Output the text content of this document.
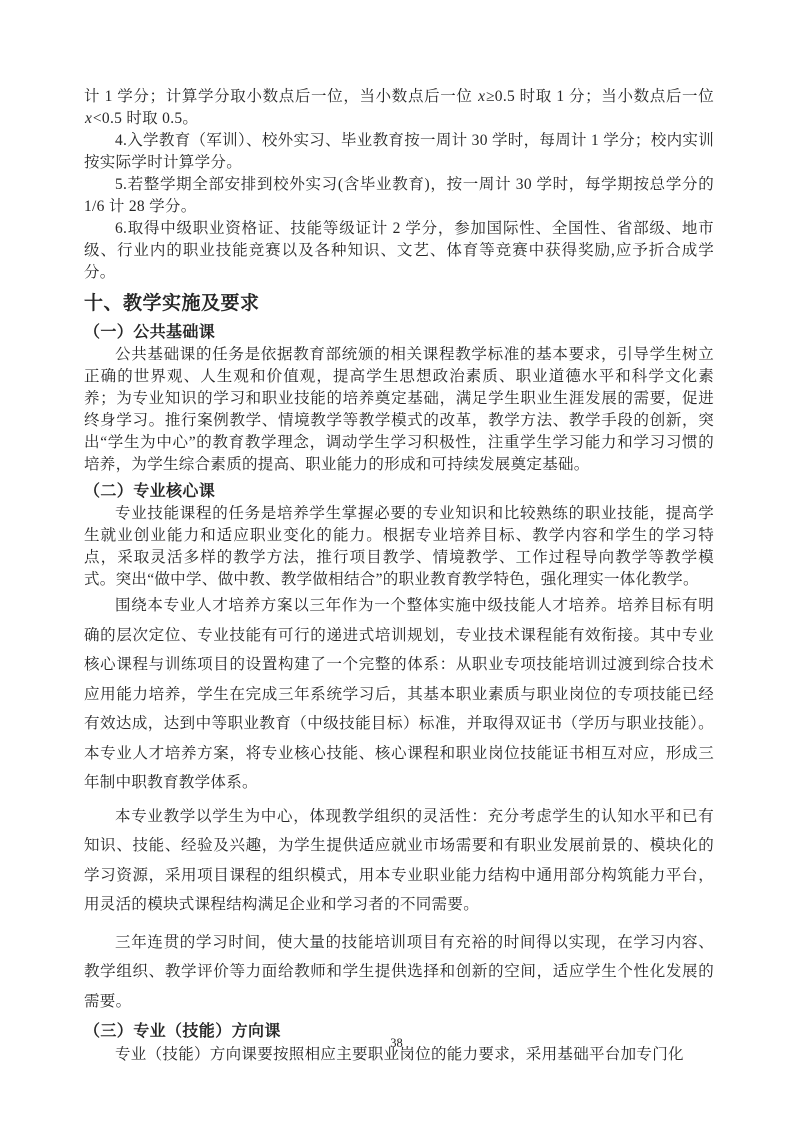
计 1 学分；计算学分取小数点后一位，当小数点后一位 x≥0.5 时取 1 分；当小数点后一位 x<0.5 时取 0.5。

4.入学教育（军训）、校外实习、毕业教育按一周计 30 学时，每周计 1 学分；校内实训按实际学时计算学分。

5.若整学期全部安排到校外实习(含毕业教育)，按一周计 30 学时，每学期按总学分的 1/6 计 28 学分。

6.取得中级职业资格证、技能等级证计 2 学分，参加国际性、全国性、省部级、地市级、行业内的职业技能竞赛以及各种知识、文艺、体育等竞赛中获得奖励,应予折合成学分。

十、教学实施及要求
（一）公共基础课

公共基础课的任务是依据教育部统颁的相关课程教学标准的基本要求，引导学生树立正确的世界观、人生观和价值观，提高学生思想政治素质、职业道德水平和科学文化素养；为专业知识的学习和职业技能的培养奠定基础，满足学生职业生涯发展的需要，促进终身学习。推行案例教学、情境教学等教学模式的改革，教学方法、教学手段的创新，突出“学生为中心”的教育教学理念，调动学生学习积极性，注重学生学习能力和学习习惯的培养，为学生综合素质的提高、职业能力的形成和可持续发展奠定基础。

（二）专业核心课

专业技能课程的任务是培养学生掌握必要的专业知识和比较熟练的职业技能，提高学生就业创业能力和适应职业变化的能力。根据专业培养目标、教学内容和学生的学习特点，采取灵活多样的教学方法，推行项目教学、情境教学、工作过程导向教学等教学模式。突出“做中学、做中教、教学做相结合”的职业教育教学特色，强化理实一体化教学。

围绕本专业人才培养方案以三年作为一个整体实施中级技能人才培养。培养目标有明确的层次定位、专业技能有可行的递进式培训规划，专业技术课程能有效衔接。其中专业核心课程与训练项目的设置构建了一个完整的体系：从职业专项技能培训过渡到综合技术应用能力培养，学生在完成三年系统学习后，其基本职业素质与职业岗位的专项技能已经有效达成，达到中等职业教育（中级技能目标）标准，并取得双证书（学历与职业技能）。本专业人才培养方案，将专业核心技能、核心课程和职业岗位技能证书相互对应，形成三年制中职教育教学体系。

本专业教学以学生为中心，体现教学组织的灵活性：充分考虑学生的认知水平和已有知识、技能、经验及兴趣，为学生提供适应就业市场需要和有职业发展前景的、模块化的学习资源，采用项目课程的组织模式，用本专业职业能力结构中通用部分构筑能力平台，用灵活的模块式课程结构满足企业和学习者的不同需要。

三年连贯的学习时间，使大量的技能培训项目有充裕的时间得以实现，在学习内容、教学组织、教学评价等力面给教师和学生提供选择和创新的空间，适应学生个性化发展的需要。

（三）专业（技能）方向课

专业（技能）方向课要按照相应主要职业岗位的能力要求，采用基础平台加专门化

38
